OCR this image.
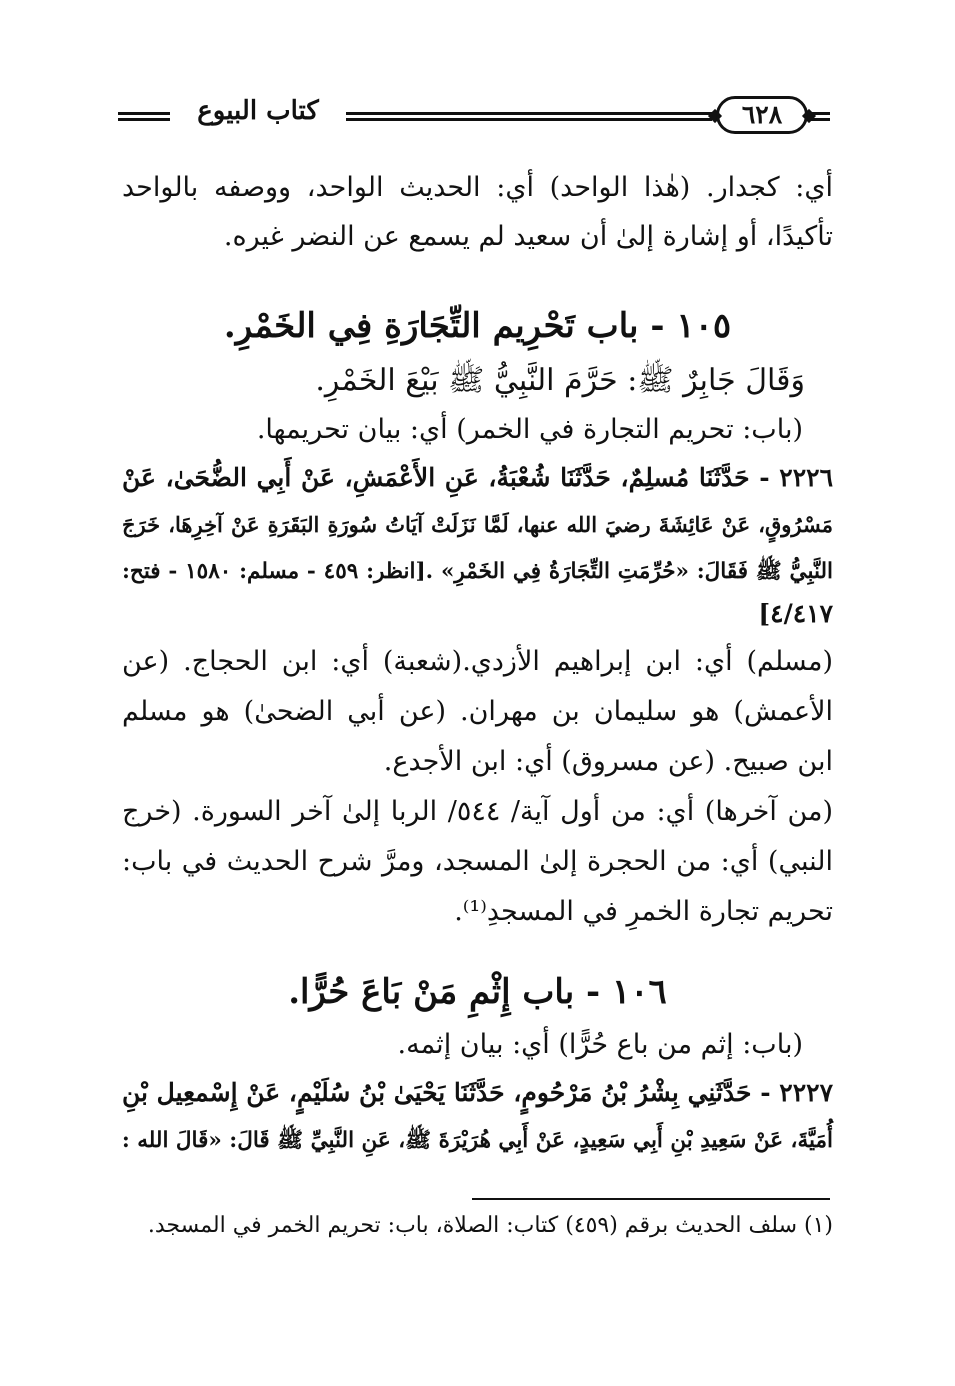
كتاب البيوع	٦٢٨
أي: كجدار. (هٰذا الواحد) أي: الحديث الواحد، ووصفه بالواحد
تأكيدًا، أو إشارة إلىٰ أن سعيد لم يسمع عن النضر غيره.
١٠٥ - باب تَحْرِيم التِّجَارَةِ فِي الخَمْرِ.
وَقَالَ جَابِرٌ ﷺ: حَرَّمَ النَّبِيُّ ﷺ بَيْعَ الخَمْرِ.
(باب: تحريم التجارة في الخمر) أي: بيان تحريمها.
٢٢٢٦ - حَدَّثَنَا مُسلِمٌ، حَدَّثَنَا شُعْبَةُ، عَنِ الأَعْمَشِ، عَنْ أَبِي الضُّحَىٰ، عَنْ
مَسْرُوقٍ، عَنْ عَائِشَةَ رضيَ الله عنها، لَمَّا نَزَلَتْ آيَاتُ سُورَةِ البَقَرَةِ عَنْ آخِرِهَا، خَرَجَ
النَّبِيُّ ﷺ فَقَالَ: «حُرِّمَتِ التِّجَارَةُ فِي الخَمْرِ» .[انظر: ٤٥٩ - مسلم: ١٥٨٠ - فتح:
٤/٤١٧]
(مسلم) أي: ابن إبراهيم الأزدي.(شعبة) أي: ابن الحجاج. (عن
الأعمش) هو سليمان بن مهران. (عن أبي الضحىٰ) هو مسلم
ابن صبيح. (عن مسروق) أي: ابن الأجدع.
(من آخرها) أي: من أول آية/ ٥٤٤/ الربا إلىٰ آخر السورة. (خرج
النبي) أي: من الحجرة إلىٰ المسجد، ومرَّ شرح الحديث في باب:
تحريم تجارة الخمرِ في المسجدِ⁽¹⁾.
١٠٦ - باب إِثْمِ مَنْ بَاعَ حُرًّا.
(باب: إثم من باع حُرًّا) أي: بيان إثمه.
٢٢٢٧ - حَدَّثَنِي بِشْرُ بْنُ مَرْحُومٍ، حَدَّثَنَا يَحْيَىٰ بْنُ سُلَيْمٍ، عَنْ إِسْمعِيل بْنِ
أُمَيَّةَ، عَنْ سَعِيدِ بْنِ أَبِي سَعِيدٍ، عَنْ أَبِي هُرَيْرَةَ ﷺ، عَنِ النَّبِيِّ ﷺ قَالَ: «قَالَ الله :
(١) سلف الحديث برقم (٤٥٩) كتاب: الصلاة، باب: تحريم الخمر في المسجد.
